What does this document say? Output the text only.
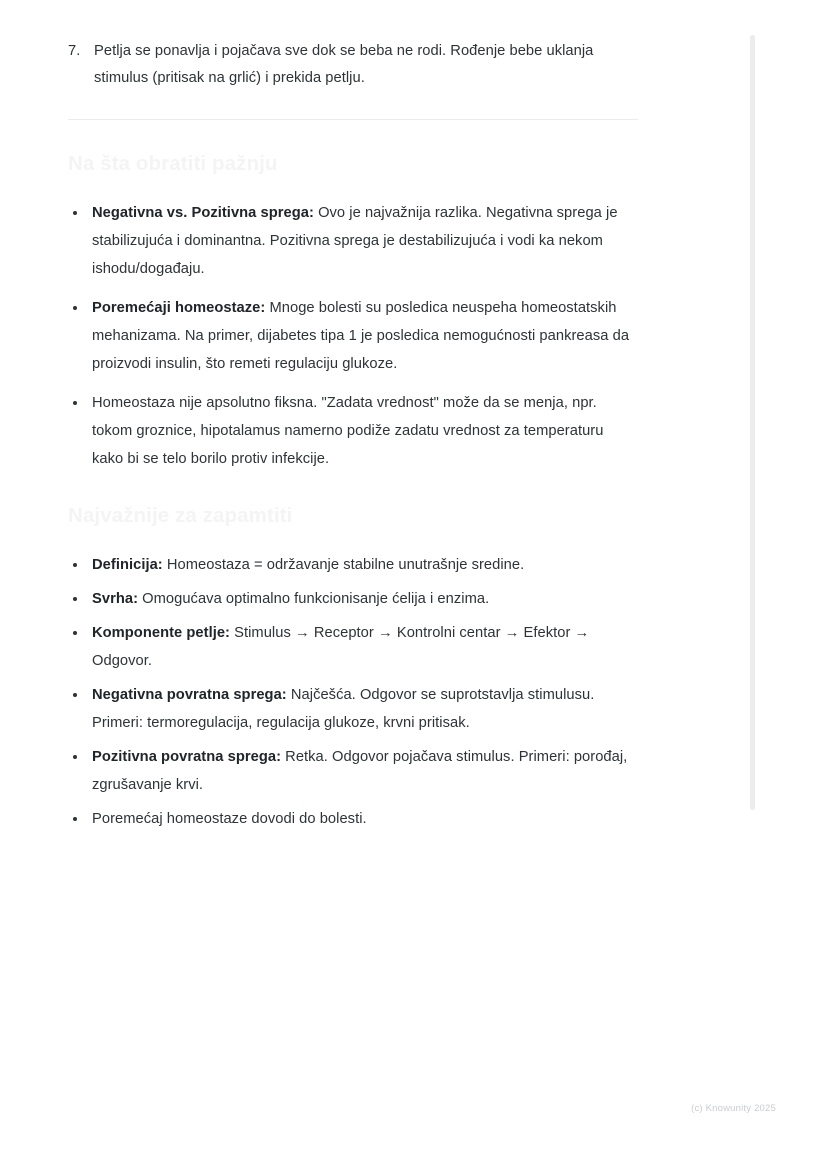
7. Petlja se ponavlja i pojačava sve dok se beba ne rodi. Rođenje bebe uklanja stimulus (pritisak na grlić) i prekida petlju.
Na šta obratiti pažnju
Negativna vs. Pozitivna sprega: Ovo je najvažnija razlika. Negativna sprega je stabilizujuća i dominantna. Pozitivna sprega je destabilizujuća i vodi ka nekom ishodu/događaju.
Poremećaji homeostaze: Mnoge bolesti su posledica neuspeha homeostatskih mehanizama. Na primer, dijabetes tipa 1 je posledica nemogućnosti pankreasa da proizvodi insulin, što remeti regulaciju glukoze.
Homeostaza nije apsolutno fiksna. "Zadata vrednost" može da se menja, npr. tokom groznice, hipotalamus namerno podiže zadatu vrednost za temperaturu kako bi se telo borilo protiv infekcije.
Najvažnije za zapamtiti
Definicija: Homeostaza = održavanje stabilne unutrašnje sredine.
Svrha: Omogućava optimalno funkcionisanje ćelija i enzima.
Komponente petlje: Stimulus → Receptor → Kontrolni centar → Efektor → Odgovor.
Negativna povratna sprega: Najčešća. Odgovor se suprotstavlja stimulusu. Primeri: termoregulacija, regulacija glukoze, krvni pritisak.
Pozitivna povratna sprega: Retka. Odgovor pojačava stimulus. Primeri: porođaj, zgrušavanje krvi.
Poremećaj homeostaze dovodi do bolesti.
(c) Knowunity 2025
